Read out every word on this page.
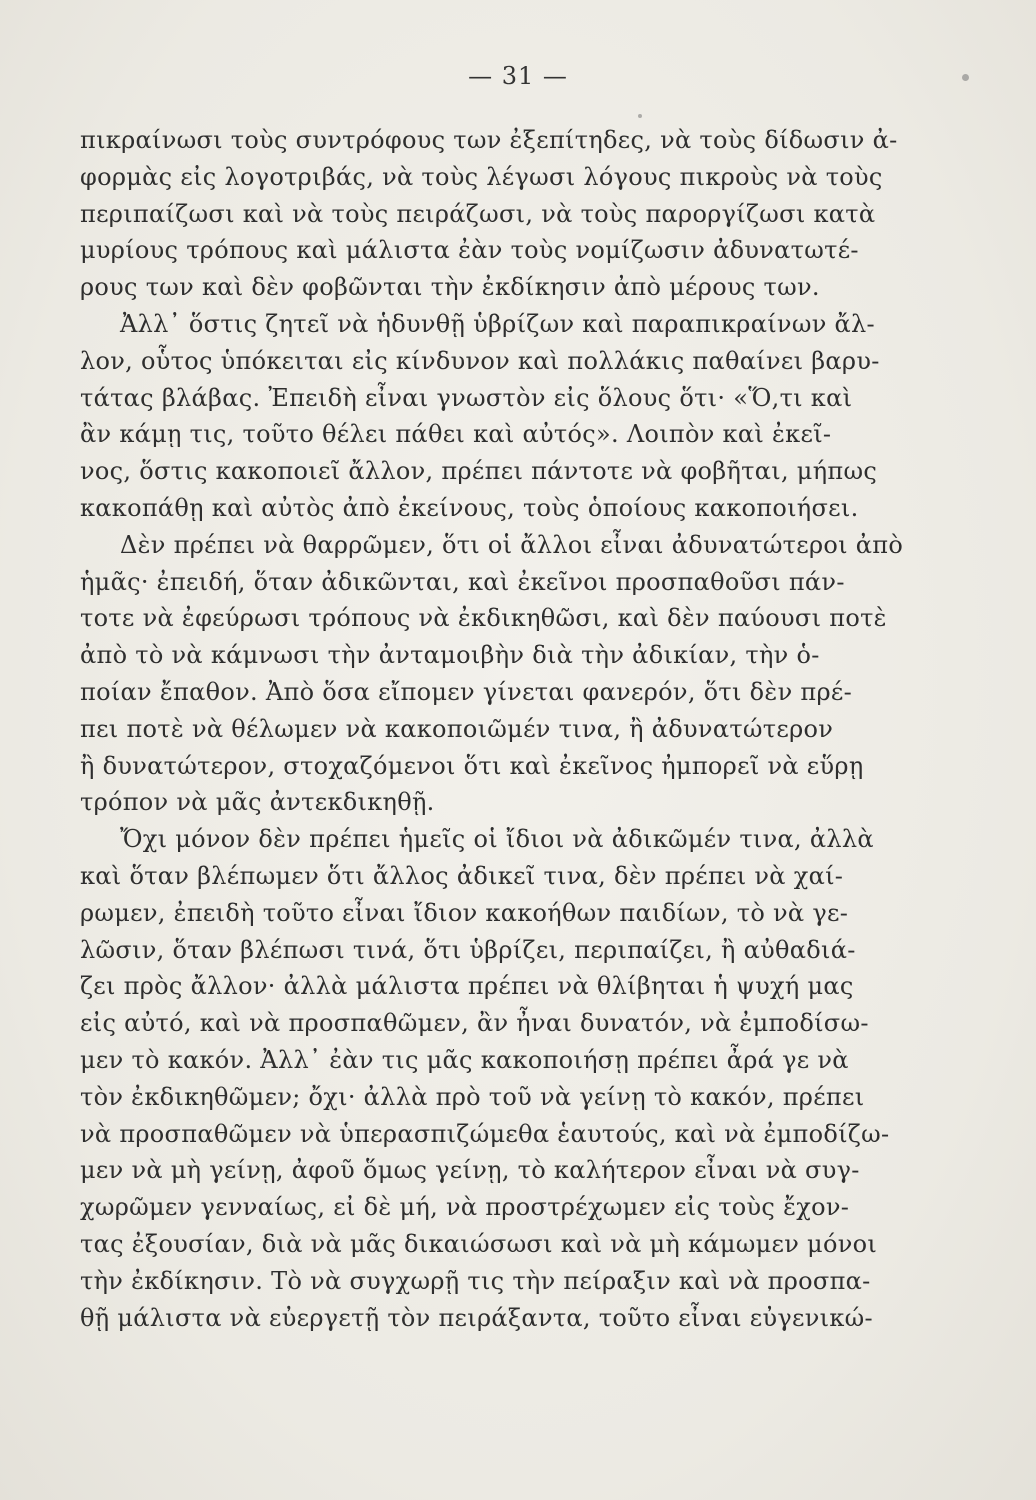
— 31 —
πικραίνωσι τοὺς συντρόφους των ἐξεπίτηδες, νὰ τοὺς δίδωσιν ἀ-
φορμὰς εἰς λογοτριβάς, νὰ τοὺς λέγωσι λόγους πικροὺς νὰ τοὺς
περιπαίζωσι καὶ νὰ τοὺς πειράζωσι, νὰ τοὺς παροργίζωσι κατὰ
μυρίους τρόπους καὶ μάλιστα ἐὰν τοὺς νομίζωσιν ἀδυνατωτέ-
ρους των καὶ δὲν φοβῶνται τὴν ἐκδίκησιν ἀπὸ μέρους των.
Ἀλλ᾽ ὅστις ζητεῖ νὰ ἡδυνθῇ ὑβρίζων καὶ παραπικραίνων ἄλ-
λον, οὗτος ὑπόκειται εἰς κίνδυνον καὶ πολλάκις παθαίνει βαρυ-
τάτας βλάβας. Ἐπειδὴ εἶναι γνωστὸν εἰς ὅλους ὅτι· «Ὅ,τι καὶ
ἂν κάμῃ τις, τοῦτο θέλει πάθει καὶ αὐτός». Λοιπὸν καὶ ἐκεῖ-
νος, ὅστις κακοποιεῖ ἄλλον, πρέπει πάντοτε νὰ φοβῆται, μήπως
κακοπάθῃ καὶ αὐτὸς ἀπὸ ἐκείνους, τοὺς ὁποίους κακοποιήσει.
Δὲν πρέπει νὰ θαρρῶμεν, ὅτι οἱ ἄλλοι εἶναι ἀδυνατώτεροι ἀπὸ
ἡμᾶς· ἐπειδή, ὅταν ἀδικῶνται, καὶ ἐκεῖνοι προσπαθοῦσι πάν-
τοτε νὰ ἐφεύρωσι τρόπους νὰ ἐκδικηθῶσι, καὶ δὲν παύουσι ποτὲ
ἀπὸ τὸ νὰ κάμνωσι τὴν ἀνταμοιβὴν διὰ τὴν ἀδικίαν, τὴν ὁ-
ποίαν ἔπαθον. Ἀπὸ ὅσα εἴπομεν γίνεται φανερόν, ὅτι δὲν πρέ-
πει ποτὲ νὰ θέλωμεν νὰ κακοποιῶμέν τινα, ἢ ἀδυνατώτερον
ἢ δυνατώτερον, στοχαζόμενοι ὅτι καὶ ἐκεῖνος ἠμπορεῖ νὰ εὕρῃ
τρόπον νὰ μᾶς ἀντεκδικηθῇ.
Ὄχι μόνον δὲν πρέπει ἡμεῖς οἱ ἴδιοι νὰ ἀδικῶμέν τινα, ἀλλὰ
καὶ ὅταν βλέπωμεν ὅτι ἄλλος ἀδικεῖ τινα, δὲν πρέπει νὰ χαί-
ρωμεν, ἐπειδὴ τοῦτο εἶναι ἴδιον κακοήθων παιδίων, τὸ νὰ γε-
λῶσιν, ὅταν βλέπωσι τινά, ὅτι ὑβρίζει, περιπαίζει, ἢ αὐθαδιά-
ζει πρὸς ἄλλον· ἀλλὰ μάλιστα πρέπει νὰ θλίβηται ἡ ψυχή μας
εἰς αὐτό, καὶ νὰ προσπαθῶμεν, ἂν ἦναι δυνατόν, νὰ ἐμποδίσω-
μεν τὸ κακόν. Ἀλλ᾽ ἐὰν τις μᾶς κακοποιήσῃ πρέπει ἆρά γε νὰ
τὸν ἐκδικηθῶμεν; ὄχι· ἀλλὰ πρὸ τοῦ νὰ γείνῃ τὸ κακόν, πρέπει
νὰ προσπαθῶμεν νὰ ὑπερασπιζώμεθα ἑαυτούς, καὶ νὰ ἐμποδίζω-
μεν νὰ μὴ γείνῃ, ἀφοῦ ὅμως γείνῃ, τὸ καλήτερον εἶναι νὰ συγ-
χωρῶμεν γενναίως, εἰ δὲ μή, νὰ προστρέχωμεν εἰς τοὺς ἔχον-
τας ἐξουσίαν, διὰ νὰ μᾶς δικαιώσωσι καὶ νὰ μὴ κάμωμεν μόνοι
τὴν ἐκδίκησιν. Τὸ νὰ συγχωρῇ τις τὴν πείραξιν καὶ νὰ προσπα-
θῇ μάλιστα νὰ εὐεργετῇ τὸν πειράξαντα, τοῦτο εἶναι εὐγενικώ-
